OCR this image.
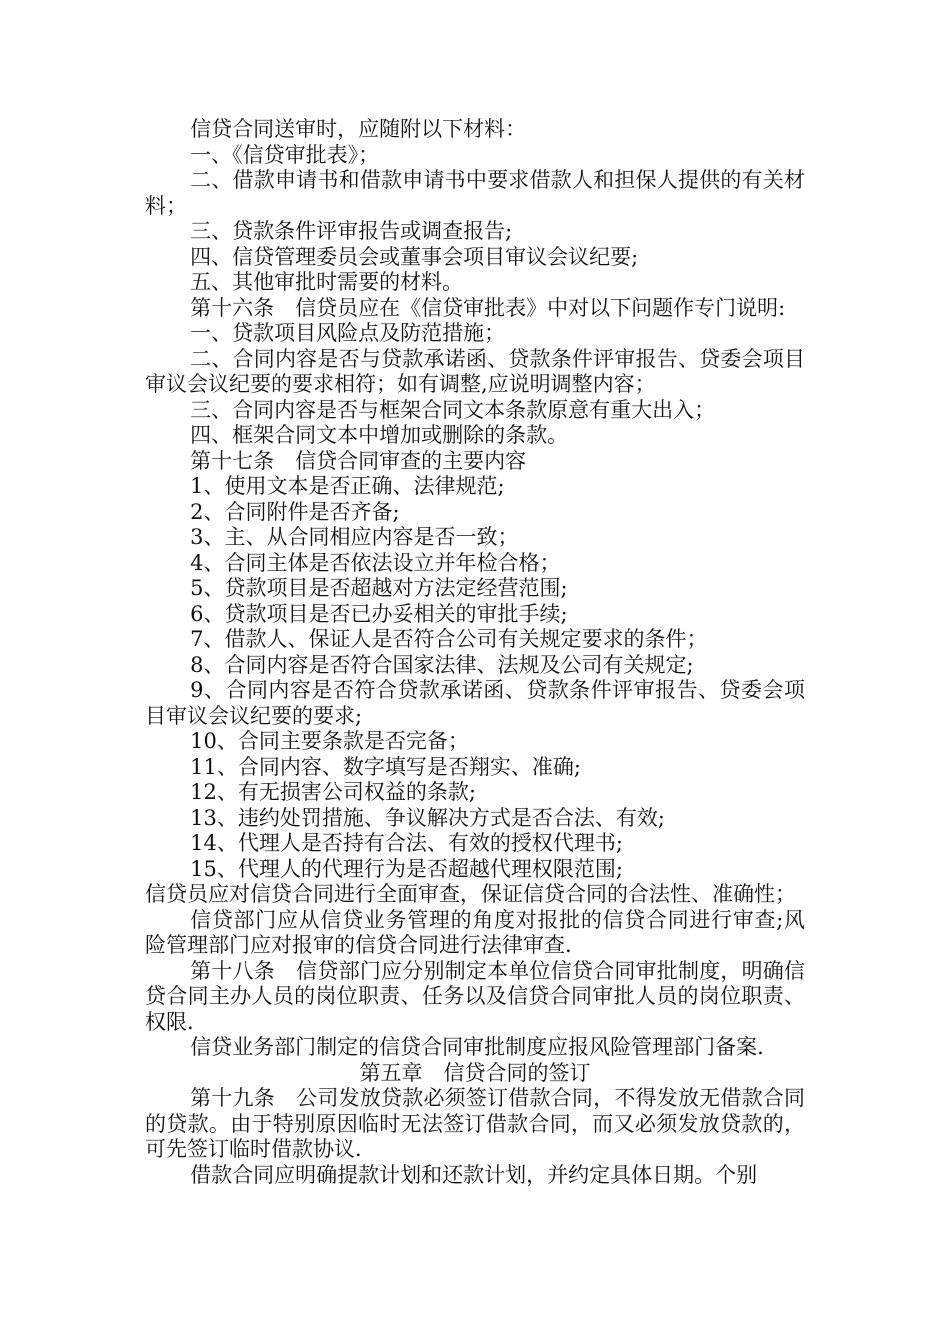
信贷合同送审时，应随附以下材料：

一、《信贷审批表》；

二、借款申请书和借款申请书中要求借款人和担保人提供的有关材料；

三、贷款条件评审报告或调查报告;

四、信贷管理委员会或董事会项目审议会议纪要;

五、其他审批时需要的材料。

第十六条　信贷员应在《信贷审批表》中对以下问题作专门说明:

一、贷款项目风险点及防范措施；

二、合同内容是否与贷款承诺函、贷款条件评审报告、贷委会项目审议会议纪要的要求相符；如有调整,应说明调整内容；

三、合同内容是否与框架合同文本条款原意有重大出入；

四、框架合同文本中增加或删除的条款。

第十七条　信贷合同审查的主要内容

1、使用文本是否正确、法律规范;

2、合同附件是否齐备;

3、主、从合同相应内容是否一致；

4、合同主体是否依法设立并年检合格；

5、贷款项目是否超越对方法定经营范围;

6、贷款项目是否已办妥相关的审批手续;

7、借款人、保证人是否符合公司有关规定要求的条件；

8、合同内容是否符合国家法律、法规及公司有关规定;

9、合同内容是否符合贷款承诺函、贷款条件评审报告、贷委会项目审议会议纪要的要求;

10、合同主要条款是否完备；

11、合同内容、数字填写是否翔实、准确;

12、有无损害公司权益的条款;

13、违约处罚措施、争议解决方式是否合法、有效;

14、代理人是否持有合法、有效的授权代理书;

15、代理人的代理行为是否超越代理权限范围;

信贷员应对信贷合同进行全面审查，保证信贷合同的合法性、准确性；

信贷部门应从信贷业务管理的角度对报批的信贷合同进行审查;风险管理部门应对报审的信贷合同进行法律审查.

第十八条　信贷部门应分别制定本单位信贷合同审批制度，明确信贷合同主办人员的岗位职责、任务以及信贷合同审批人员的岗位职责、权限.

信贷业务部门制定的信贷合同审批制度应报风险管理部门备案.

第五章　信贷合同的签订

第十九条　公司发放贷款必须签订借款合同，不得发放无借款合同的贷款。由于特别原因临时无法签订借款合同，而又必须发放贷款的，可先签订临时借款协议.

借款合同应明确提款计划和还款计划，并约定具体日期。个别
